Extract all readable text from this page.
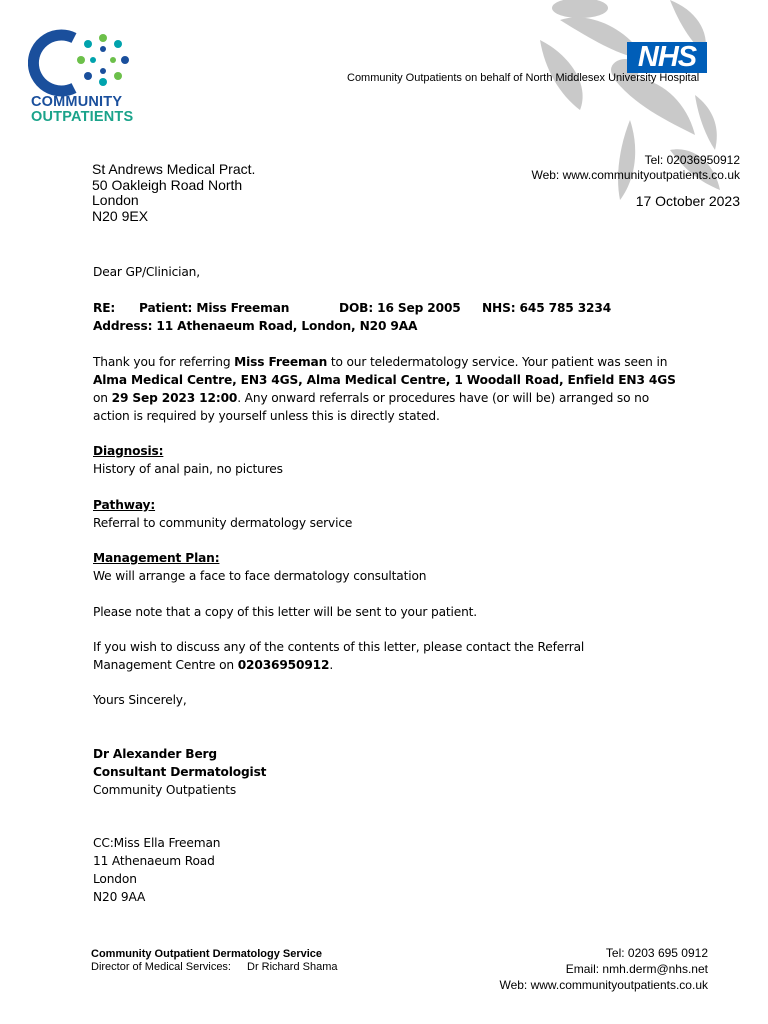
COMMUNITY
OUTPATIENTS
NHS
Community Outpatients on behalf of North Middlesex University Hospital
St Andrews Medical Pract.
50 Oakleigh Road North
London
N20 9EX
Tel: 02036950912
Web: www.communityoutpatients.co.uk
17 October 2023
Dear GP/Clinician,
RE: Patient: Miss Freeman	DOB: 16 Sep 2005 NHS: 645 785 3234
Address: 11 Athenaeum Road, London, N20 9AA
Thank you for referring Miss Freeman to our teledermatology service. Your patient was seen in Alma Medical Centre, EN3 4GS, Alma Medical Centre, 1 Woodall Road, Enfield EN3 4GS on 29 Sep 2023 12:00. Any onward referrals or procedures have (or will be) arranged so no action is required by yourself unless this is directly stated.
Diagnosis:
History of anal pain, no pictures
Pathway:
Referral to community dermatology service
Management Plan:
We will arrange a face to face dermatology consultation
Please note that a copy of this letter will be sent to your patient.
If you wish to discuss any of the contents of this letter, please contact the Referral Management Centre on 02036950912.
Yours Sincerely,
Dr Alexander Berg
Consultant Dermatologist
Community Outpatients
CC:Miss Ella Freeman
11 Athenaeum Road
London
N20 9AA
Community Outpatient Dermatology Service
Director of Medical Services: Dr Richard Shama
Tel: 0203 695 0912
Email: nmh.derm@nhs.net
Web: www.communityoutpatients.co.uk
